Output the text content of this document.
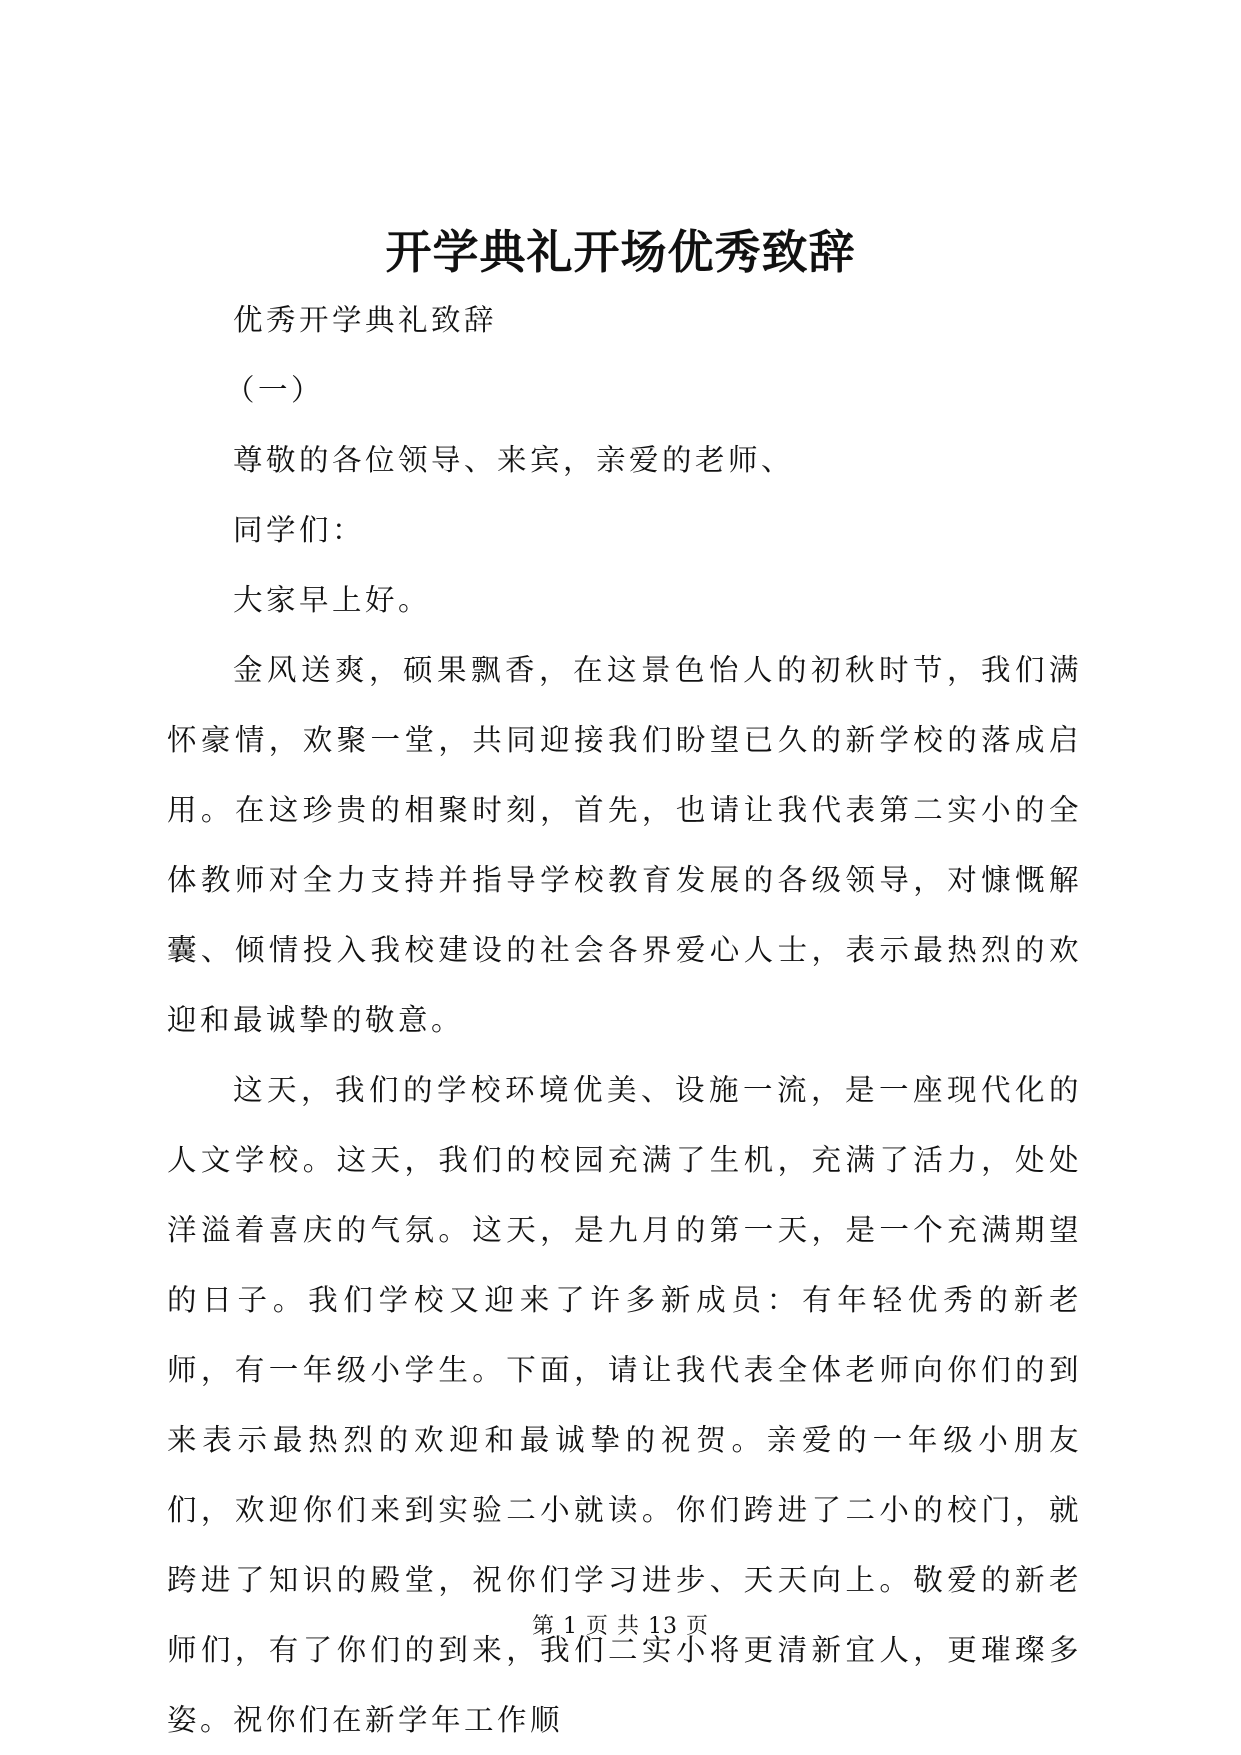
开学典礼开场优秀致辞

优秀开学典礼致辞

（一）

尊敬的各位领导、来宾，亲爱的老师、

同学们：

大家早上好。

金风送爽，硕果飘香，在这景色怡人的初秋时节，我们满怀豪情，欢聚一堂，共同迎接我们盼望已久的新学校的落成启用。在这珍贵的相聚时刻，首先，也请让我代表第二实小的全体教师对全力支持并指导学校教育发展的各级领导，对慷慨解囊、倾情投入我校建设的社会各界爱心人士，表示最热烈的欢迎和最诚挚的敬意。

这天，我们的学校环境优美、设施一流，是一座现代化的人文学校。这天，我们的校园充满了生机，充满了活力，处处洋溢着喜庆的气氛。这天，是九月的第一天，是一个充满期望的日子。我们学校又迎来了许多新成员：有年轻优秀的新老师，有一年级小学生。下面，请让我代表全体老师向你们的到来表示最热烈的欢迎和最诚挚的祝贺。亲爱的一年级小朋友们，欢迎你们来到实验二小就读。你们跨进了二小的校门，就跨进了知识的殿堂，祝你们学习进步、天天向上。敬爱的新老师们，有了你们的到来，我们二实小将更清新宜人，更璀璨多姿。祝你们在新学年工作顺

第 1 页 共 13 页
